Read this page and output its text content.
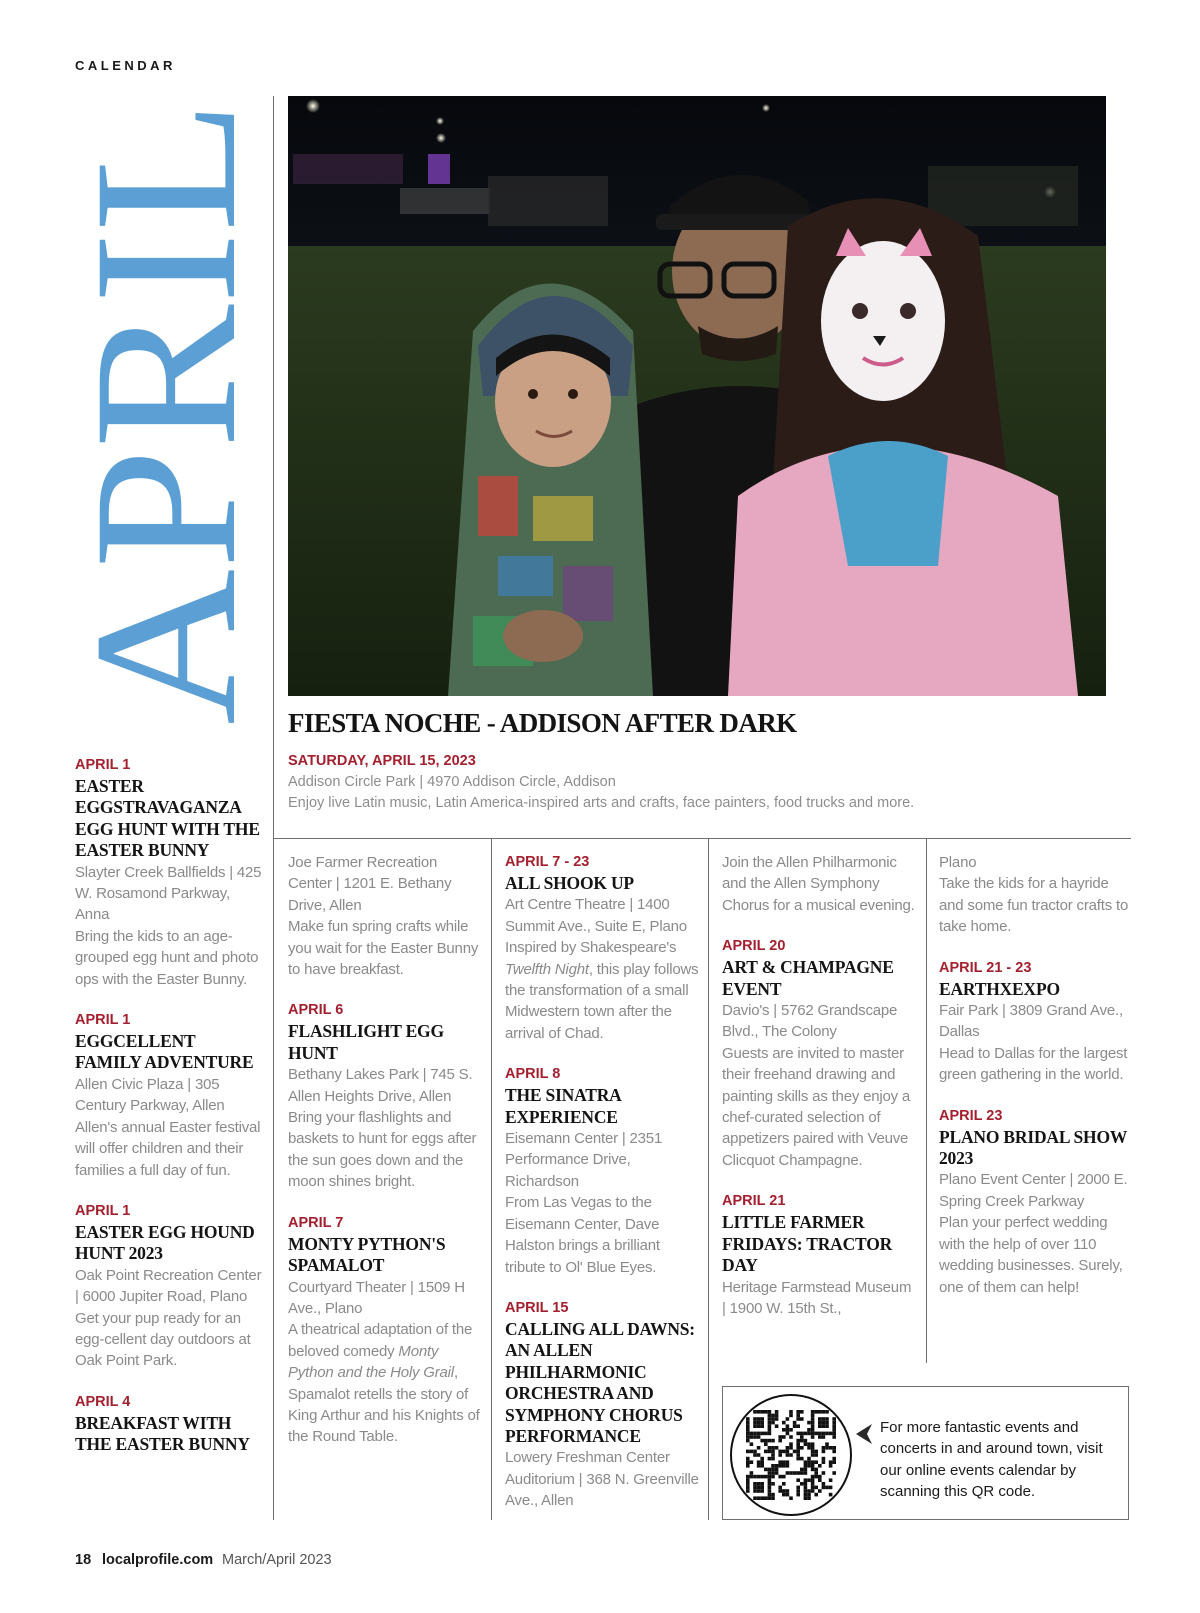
CALENDAR
APRIL FIESTA NOCHE - ADDISON AFTER DARK
SATURDAY, APRIL 15, 2023
Addison Circle Park | 4970 Addison Circle, Addison
Enjoy live Latin music, Latin America-inspired arts and crafts, face painters, food trucks and more.
APRIL 1
EASTER EGGSTRAVAGANZA EGG HUNT WITH THE EASTER BUNNY
Slayter Creek Ballfields | 425 W. Rosamond Parkway, Anna
Bring the kids to an age-grouped egg hunt and photo ops with the Easter Bunny.
APRIL 1
EGGCELLENT FAMILY ADVENTURE
Allen Civic Plaza | 305 Century Parkway, Allen
Allen's annual Easter festival will offer children and their families a full day of fun.
APRIL 1
EASTER EGG HOUND HUNT 2023
Oak Point Recreation Center | 6000 Jupiter Road, Plano
Get your pup ready for an egg-cellent day outdoors at Oak Point Park.
APRIL 4
BREAKFAST WITH THE EASTER BUNNY
Joe Farmer Recreation Center | 1201 E. Bethany Drive, Allen
Make fun spring crafts while you wait for the Easter Bunny to have breakfast.
APRIL 6
FLASHLIGHT EGG HUNT
Bethany Lakes Park | 745 S. Allen Heights Drive, Allen
Bring your flashlights and baskets to hunt for eggs after the sun goes down and the moon shines bright.
APRIL 7
MONTY PYTHON'S SPAMALOT
Courtyard Theater | 1509 H Ave., Plano
A theatrical adaptation of the beloved comedy Monty Python and the Holy Grail, Spamalot retells the story of King Arthur and his Knights of the Round Table.
APRIL 7 - 23
ALL SHOOK UP
Art Centre Theatre | 1400 Summit Ave., Suite E, Plano
Inspired by Shakespeare's Twelfth Night, this play follows the transformation of a small Midwestern town after the arrival of Chad.
APRIL 8
THE SINATRA EXPERIENCE
Eisemann Center | 2351 Performance Drive, Richardson
From Las Vegas to the Eisemann Center, Dave Halston brings a brilliant tribute to Ol' Blue Eyes.
APRIL 15
CALLING ALL DAWNS: AN ALLEN PHILHARMONIC ORCHESTRA AND SYMPHONY CHORUS PERFORMANCE
Lowery Freshman Center Auditorium | 368 N. Greenville Ave., Allen
Join the Allen Philharmonic and the Allen Symphony Chorus for a musical evening.
APRIL 20
ART & CHAMPAGNE EVENT
Davio's | 5762 Grandscape Blvd., The Colony
Guests are invited to master their freehand drawing and painting skills as they enjoy a chef-curated selection of appetizers paired with Veuve Clicquot Champagne.
APRIL 21
LITTLE FARMER FRIDAYS: TRACTOR DAY
Heritage Farmstead Museum | 1900 W. 15th St.,
Plano
Take the kids for a hayride and some fun tractor crafts to take home.
APRIL 21 - 23
EARTHXEXPO
Fair Park | 3809 Grand Ave., Dallas
Head to Dallas for the largest green gathering in the world.
APRIL 23
PLANO BRIDAL SHOW 2023
Plano Event Center | 2000 E. Spring Creek Parkway
Plan your perfect wedding with the help of over 110 wedding businesses. Surely, one of them can help!
For more fantastic events and concerts in and around town, visit our online events calendar by scanning this QR code.
18 localprofile.com March/April 2023
